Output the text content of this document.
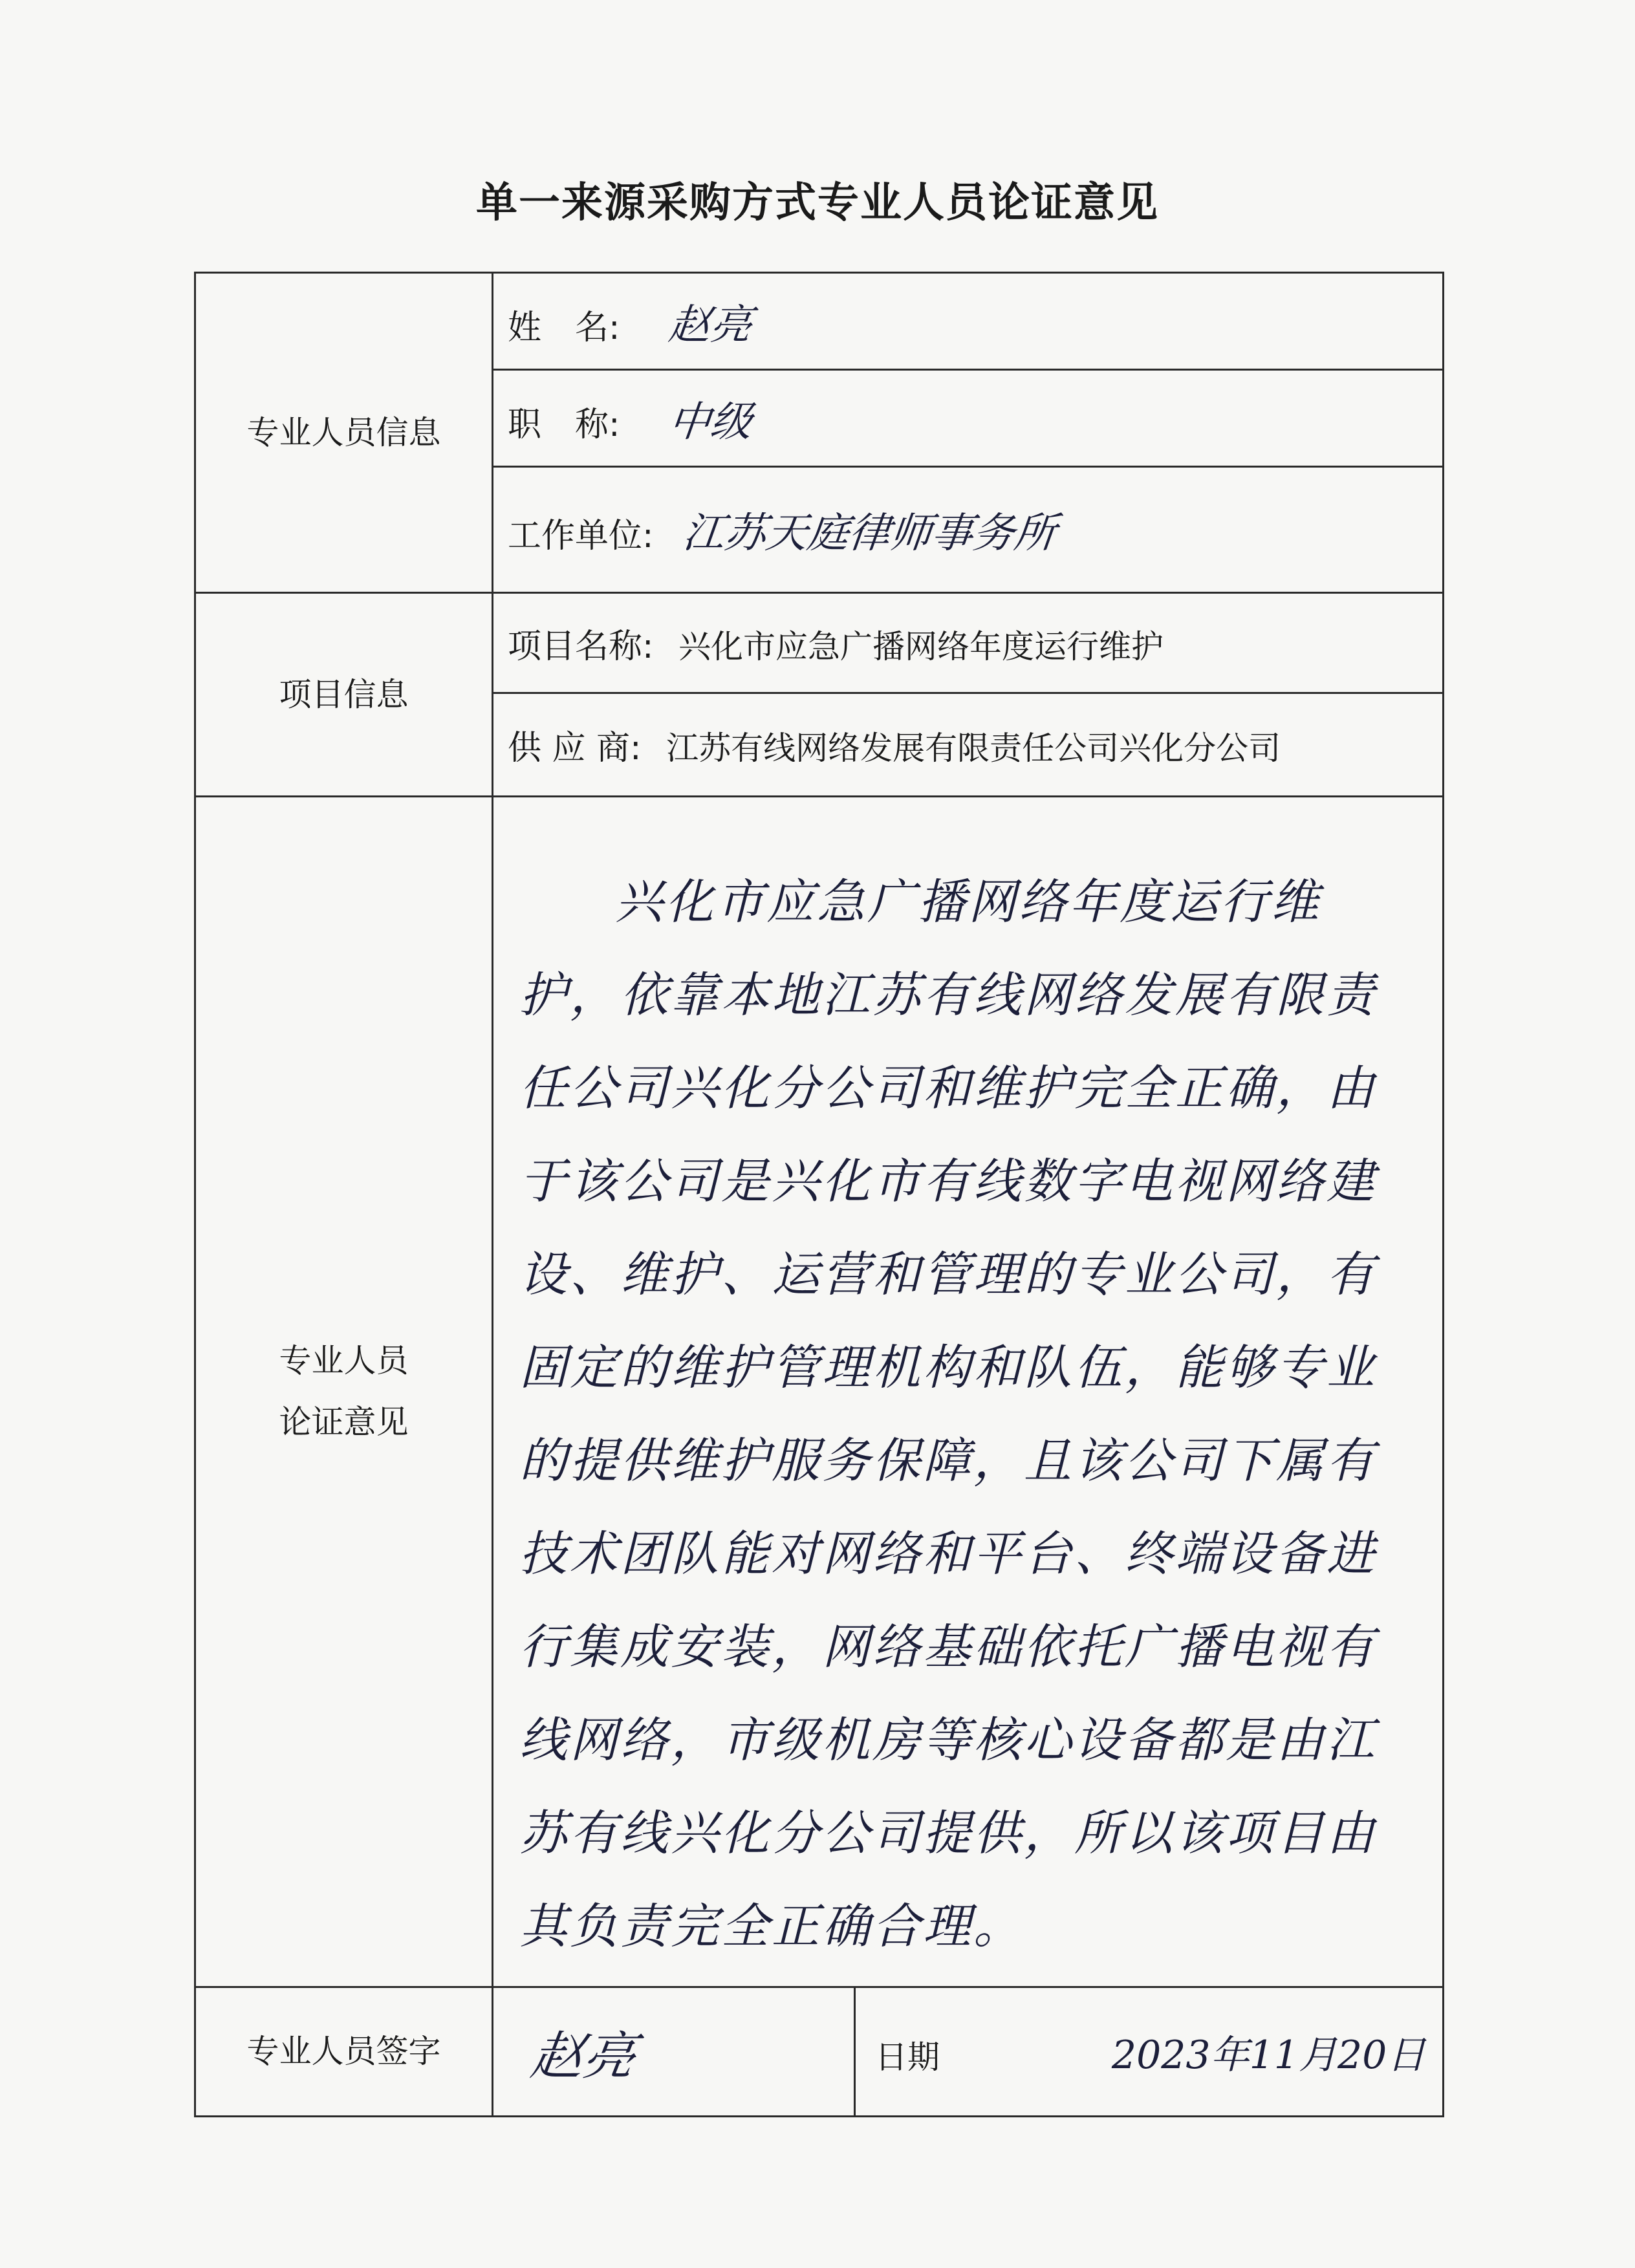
单一来源采购方式专业人员论证意见
专业人员信息	姓　名: 赵亮	
	职　称: 中级	
	工作单位: 江苏天庭律师事务所	
项目信息	项目名称: 兴化市应急广播网络年度运行维护	
	供 应 商: 江苏有线网络发展有限责任公司兴化分公司	

专业人员
论证意见	兴化市应急广播网络年度运行维护，依靠本地江苏有线网络发展有限责任公司兴化分公司和维护完全正确，由于该公司是兴化市有线数字电视网络建设、维护、运营和管理的专业公司，有固定的维护管理机构和队伍，能够专业的提供维护服务保障，且该公司下属有技术团队能对网络和平台、终端设备进行集成安装，网络基础依托广播电视有线网络，市级机房等核心设备都是由江苏有线兴化分公司提供，所以该项目由其负责完全正确合理。	

专业人员签字	赵亮	日期 2023年11月20日
